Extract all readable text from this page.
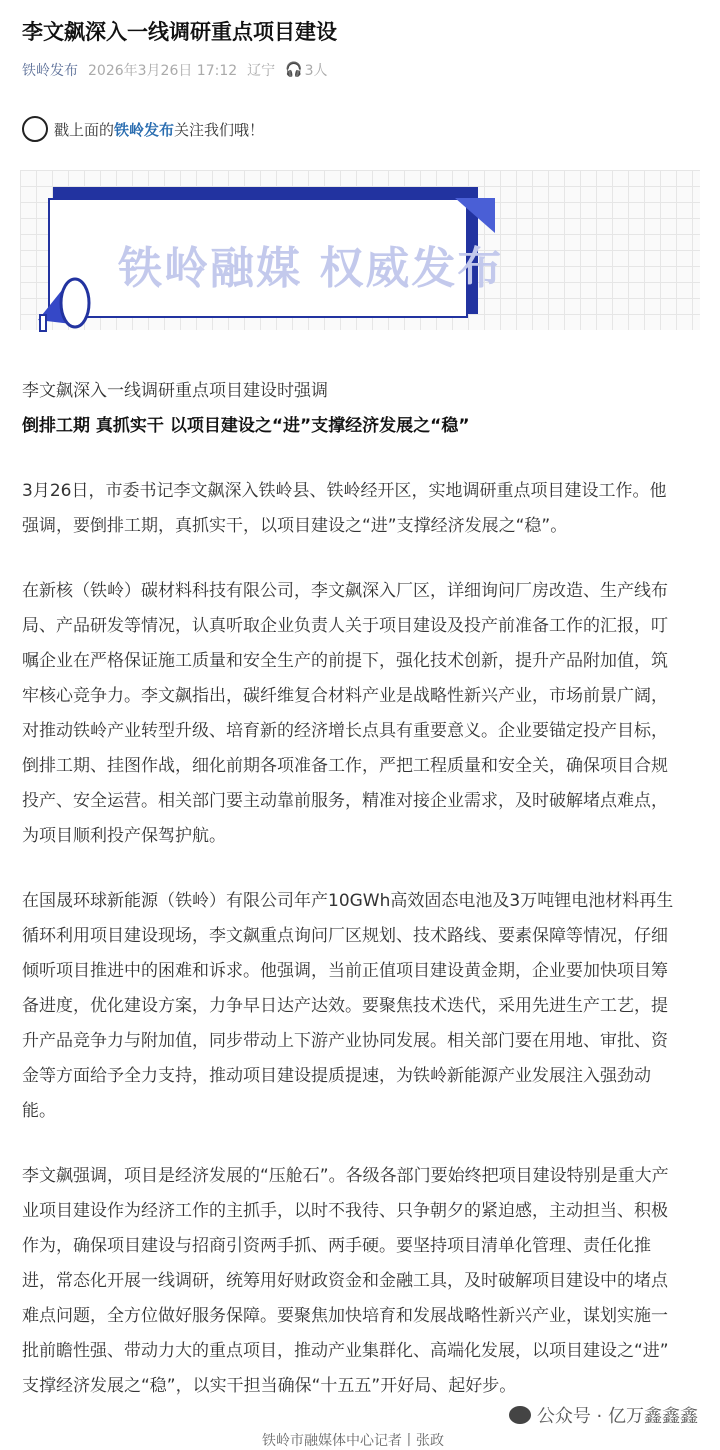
李文飙深入一线调研重点项目建设
铁岭发布 2026年3月26日 17:12 辽宁 🎧 3人
戳上面的 铁岭发布 关注我们哦！
铁岭融媒 权威发布
李文飙深入一线调研重点项目建设时强调
倒排工期 真抓实干 以项目建设之“进”支撑经济发展之“稳”
3月26日，市委书记李文飙深入铁岭县、铁岭经开区，实地调研重点项目建设工作。他
强调，要倒排工期，真抓实干，以项目建设之“进”支撑经济发展之“稳”。
在新核（铁岭）碳材料科技有限公司，李文飙深入厂区，详细询问厂房改造、生产线布
局、产品研发等情况，认真听取企业负责人关于项目建设及投产前准备工作的汇报，叮
嘱企业在严格保证施工质量和安全生产的前提下，强化技术创新，提升产品附加值，筑
牢核心竞争力。李文飙指出，碳纤维复合材料产业是战略性新兴产业，市场前景广阔，
对推动铁岭产业转型升级、培育新的经济增长点具有重要意义。企业要锚定投产目标，
倒排工期、挂图作战，细化前期各项准备工作，严把工程质量和安全关，确保项目合规
投产、安全运营。相关部门要主动靠前服务，精准对接企业需求，及时破解堵点难点，
为项目顺利投产保驾护航。
在国晟环球新能源（铁岭）有限公司年产10GWh高效固态电池及3万吨锂电池材料再生
循环利用项目建设现场，李文飙重点询问厂区规划、技术路线、要素保障等情况，仔细
倾听项目推进中的困难和诉求。他强调，当前正值项目建设黄金期，企业要加快项目筹
备进度，优化建设方案，力争早日达产达效。要聚焦技术迭代，采用先进生产工艺，提
升产品竞争力与附加值，同步带动上下游产业协同发展。相关部门要在用地、审批、资
金等方面给予全力支持，推动项目建设提质提速，为铁岭新能源产业发展注入强劲动
能。
李文飙强调，项目是经济发展的“压舱石”。各级各部门要始终把项目建设特别是重大产
业项目建设作为经济工作的主抓手，以时不我待、只争朝夕的紧迫感，主动担当、积极
作为，确保项目建设与招商引资两手抓、两手硬。要坚持项目清单化管理、责任化推
进，常态化开展一线调研，统筹用好财政资金和金融工具，及时破解项目建设中的堵点
难点问题，全方位做好服务保障。要聚焦加快培育和发展战略性新兴产业，谋划实施一
批前瞻性强、带动力大的重点项目，推动产业集群化、高端化发展，以项目建设之“进”
支撑经济发展之“稳”，以实干担当确保“十五五”开好局、起好步。
公众号 · 亿万鑫鑫鑫
铁岭市融媒体中心记者丨张政
